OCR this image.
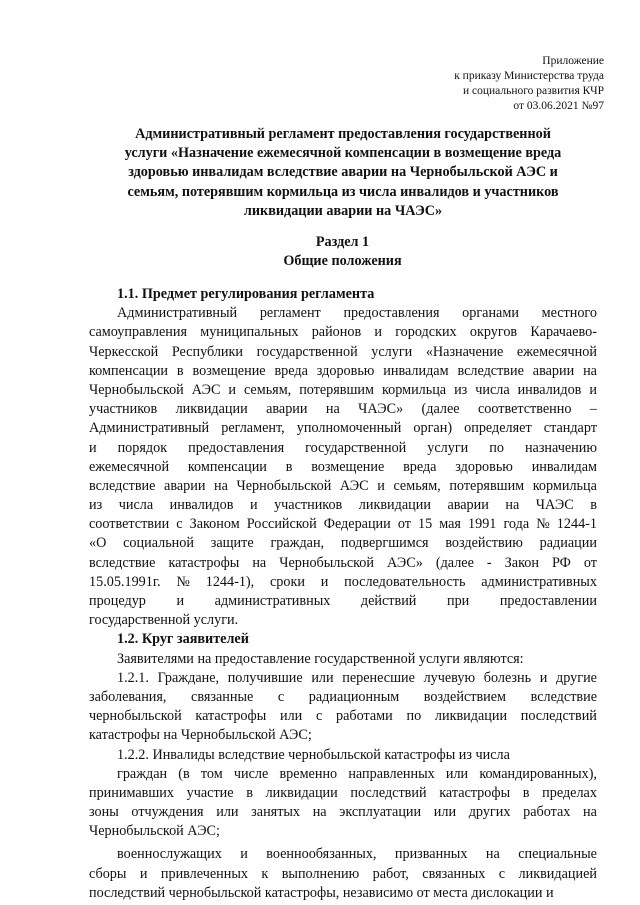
Приложение
к приказу Министерства труда
и социального развития КЧР
от 03.06.2021 №97
Административный регламент предоставления государственной
услуги «Назначение ежемесячной компенсации в возмещение вреда
здоровью инвалидам вследствие аварии на Чернобыльской АЭС и
семьям, потерявшим кормильца из числа инвалидов и участников
ликвидации аварии на ЧАЭС»
Раздел 1
Общие положения
1.1. Предмет регулирования регламента
Административный регламент предоставления органами местного
самоуправления муниципальных районов и городских округов Карачаево-
Черкесской Республики государственной услуги «Назначение ежемесячной
компенсации в возмещение вреда здоровью инвалидам вследствие аварии на
Чернобыльской АЭС и семьям, потерявшим кормильца из числа инвалидов и
участников ликвидации аварии на ЧАЭС» (далее соответственно –
Административный регламент, уполномоченный орган) определяет стандарт
и порядок предоставления государственной услуги по назначению
ежемесячной компенсации в возмещение вреда здоровью инвалидам
вследствие аварии на Чернобыльской АЭС и семьям, потерявшим кормильца
из числа инвалидов и участников ликвидации аварии на ЧАЭС в
соответствии с Законом Российской Федерации от 15 мая 1991 года № 1244-1
«О социальной защите граждан, подвергшимся воздействию радиации
вследствие катастрофы на Чернобыльской АЭС» (далее - Закон РФ от
15.05.1991г. № 1244-1), сроки и последовательность административных
процедур и административных действий при предоставлении
государственной услуги.
1.2. Круг заявителей
Заявителями на предоставление государственной услуги являются:
1.2.1. Граждане, получившие или перенесшие лучевую болезнь и другие
заболевания, связанные с радиационным воздействием вследствие
чернобыльской катастрофы или с работами по ликвидации последствий
катастрофы на Чернобыльской АЭС;
1.2.2. Инвалиды вследствие чернобыльской катастрофы из числа
граждан (в том числе временно направленных или командированных),
принимавших участие в ликвидации последствий катастрофы в пределах
зоны отчуждения или занятых на эксплуатации или других работах на
Чернобыльской АЭС;
военнослужащих и военнообязанных, призванных на специальные
сборы и привлеченных к выполнению работ, связанных с ликвидацией
последствий чернобыльской катастрофы, независимо от места дислокации и
